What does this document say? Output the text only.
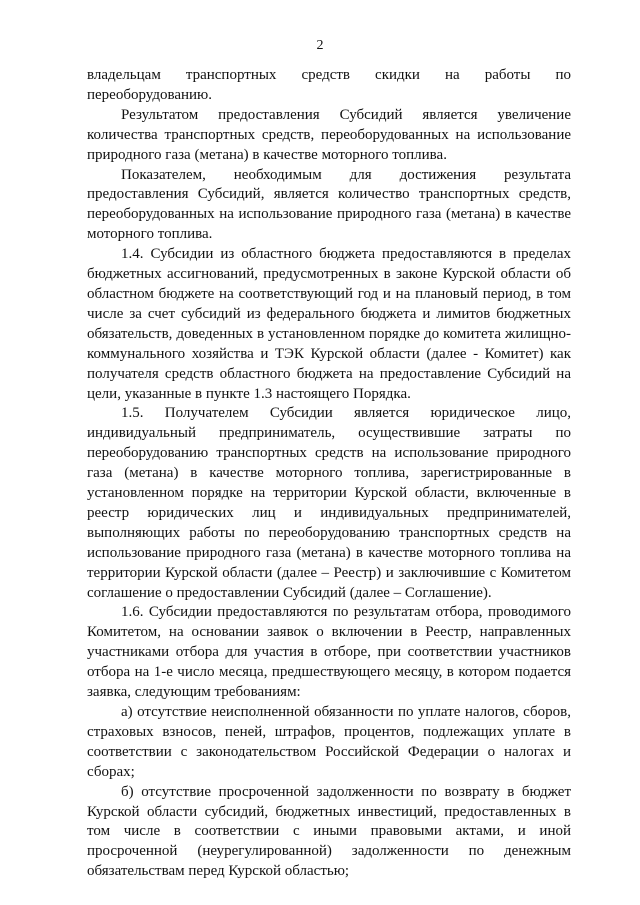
2

владельцам транспортных средств скидки на работы по переоборудованию.

Результатом предоставления Субсидий является увеличение количества транспортных средств, переоборудованных на использование природного газа (метана) в качестве моторного топлива.

Показателем, необходимым для достижения результата предоставления Субсидий, является количество транспортных средств, переоборудованных на использование природного газа (метана) в качестве моторного топлива.

1.4. Субсидии из областного бюджета предоставляются в пределах бюджетных ассигнований, предусмотренных в законе Курской области об областном бюджете на соответствующий год и на плановый период, в том числе за счет субсидий из федерального бюджета и лимитов бюджетных обязательств, доведенных в установленном порядке до комитета жилищно-коммунального хозяйства и ТЭК Курской области (далее - Комитет) как получателя средств областного бюджета на предоставление Субсидий на цели, указанные в пункте 1.3 настоящего Порядка.

1.5. Получателем Субсидии является юридическое лицо, индивидуальный предприниматель, осуществившие затраты по переоборудованию транспортных средств на использование природного газа (метана) в качестве моторного топлива, зарегистрированные в установленном порядке на территории Курской области, включенные в реестр юридических лиц и индивидуальных предпринимателей, выполняющих работы по переоборудованию транспортных средств на использование природного газа (метана) в качестве моторного топлива на территории Курской области (далее – Реестр) и заключившие с Комитетом соглашение о предоставлении Субсидий (далее – Соглашение).

1.6. Субсидии предоставляются по результатам отбора, проводимого Комитетом, на основании заявок о включении в Реестр, направленных участниками отбора для участия в отборе, при соответствии участников отбора на 1-е число месяца, предшествующего месяцу, в котором подается заявка, следующим требованиям:

а) отсутствие неисполненной обязанности по уплате налогов, сборов, страховых взносов, пеней, штрафов, процентов, подлежащих уплате в соответствии с законодательством Российской Федерации о налогах и сборах;

б) отсутствие просроченной задолженности по возврату в бюджет Курской области субсидий, бюджетных инвестиций, предоставленных в том числе в соответствии с иными правовыми актами, и иной просроченной (неурегулированной) задолженности по денежным обязательствам перед Курской областью;
